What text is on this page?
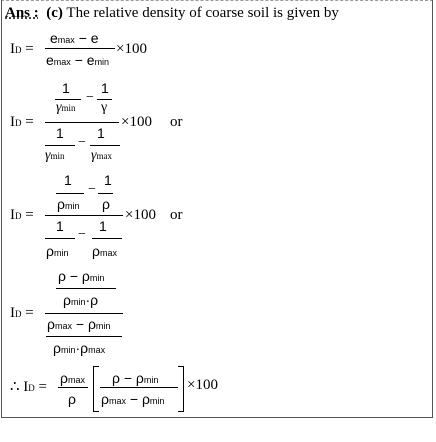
Ans : (c) The relative density of coarse soil is given by
ID =
emax − e
emax − emin
×100
ID =
1
γmin
−
1
γ
1
γmin
−
1
γmax
×100 or
ID =
1
ρmin
−
1
ρ
1
ρmin
−
1
ρmax
×100 or
ID =
ρ − ρmin
ρmin·ρ
ρmax − ρmin
ρmin·ρmax
∴ ID =
ρmax
ρ
ρ − ρmin
ρmax − ρmin
×100
